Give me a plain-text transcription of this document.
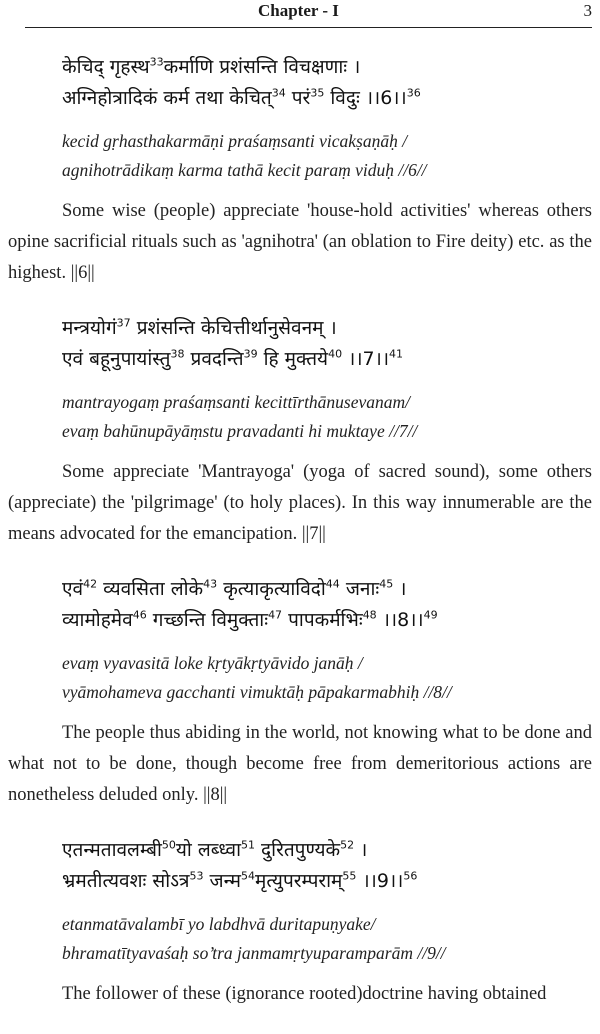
Chapter - I	3
केचिद् गृहस्थ$^{33}$कर्माणि प्रशंसन्ति विचक्षणाः ।
अग्निहोत्रादिकं कर्म तथा केचित्$^{34}$ परं$^{35}$ विदुः ।।6।।$^{36}$
kecid gṛhasthakarmāṇi praśaṃsanti vicakṣaṇāḥ /
agnihotrādikaṃ karma tathā kecit paraṃ viduḥ //6//

Some wise (people) appreciate 'house-hold activities' whereas others opine sacrificial rituals such as 'agnihotra' (an oblation to Fire deity) etc. as the highest. ||6||

मन्त्रयोगं$^{37}$ प्रशंसन्ति केचित्तीर्थानुसेवनम् ।
एवं बहूनुपायांस्तु$^{38}$ प्रवदन्ति$^{39}$ हि मुक्तये$^{40}$ ।।7।।$^{41}$
mantrayogaṃ praśaṃsanti kecittīrthānusevanam/
evaṃ bahūnupāyāṃstu pravadanti hi muktaye //7//

Some appreciate 'Mantrayoga' (yoga of sacred sound), some others (appreciate) the 'pilgrimage' (to holy places). In this way innumerable are the means advocated for the emancipation. ||7||

एवं$^{42}$ व्यवसिता लोके$^{43}$ कृत्याकृत्याविदो$^{44}$ जनाः$^{45}$ ।
व्यामोहमेव$^{46}$ गच्छन्ति विमुक्ताः$^{47}$ पापकर्मभिः$^{48}$ ।।8।।$^{49}$
evaṃ vyavasitā loke kṛtyākṛtyāvido janāḥ /
vyāmohameva gacchanti vimuktāḥ pāpakarmabhiḥ //8//

The people thus abiding in the world, not knowing what to be done and what not to be done, though become free from demeritorious actions are nonetheless deluded only. ||8||

एतन्मतावलम्बी$^{50}$यो लब्ध्वा$^{51}$ दुरितपुण्यके$^{52}$ ।
भ्रमतीत्यवशः सोऽत्र$^{53}$ जन्म$^{54}$मृत्युपरम्पराम्$^{55}$ ।।9।।$^{56}$
etanmatāvalambī yo labdhvā duritapuṇyake/
bhramatītyavaśaḥ so’tra janmamṛtyuparamparām //9//

The follower of these (ignorance rooted)doctrine having obtained
